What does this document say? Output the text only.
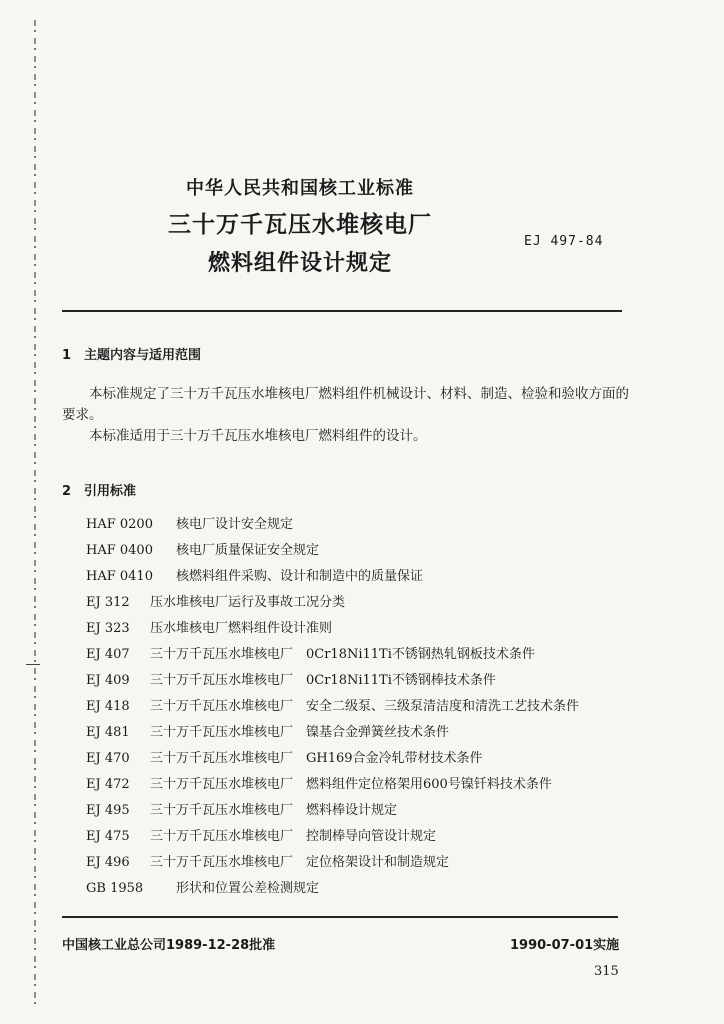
中华人民共和国核工业标准
三十万千瓦压水堆核电厂
燃料组件设计规定
EJ 497-84
1 主题内容与适用范围

本标准规定了三十万千瓦压水堆核电厂燃料组件机械设计、材料、制造、检验和验收方面的要求。

本标准适用于三十万千瓦压水堆核电厂燃料组件的设计。

2 引用标准
HAF 0200	核电厂设计安全规定
HAF 0400	核电厂质量保证安全规定
HAF 0410	核燃料组件采购、设计和制造中的质量保证
EJ 312	压水堆核电厂运行及事故工况分类
EJ 323	压水堆核电厂燃料组件设计准则
EJ 407	三十万千瓦压水堆核电厂　0Cr18Ni11Ti不锈钢热轧钢板技术条件
EJ 409	三十万千瓦压水堆核电厂　0Cr18Ni11Ti不锈钢棒技术条件
EJ 418	三十万千瓦压水堆核电厂　安全二级泵、三级泵清洁度和清洗工艺技术条件
EJ 481	三十万千瓦压水堆核电厂　镍基合金弹簧丝技术条件
EJ 470	三十万千瓦压水堆核电厂　GH169合金冷轧带材技术条件
EJ 472	三十万千瓦压水堆核电厂　燃料组件定位格架用600号镍钎料技术条件
EJ 495	三十万千瓦压水堆核电厂　燃料棒设计规定
EJ 475	三十万千瓦压水堆核电厂　控制棒导向管设计规定
EJ 496	三十万千瓦压水堆核电厂　定位格架设计和制造规定
GB 1958	形状和位置公差检测规定
中国核工业总公司1989-12-28批准	1990-07-01实施
315
